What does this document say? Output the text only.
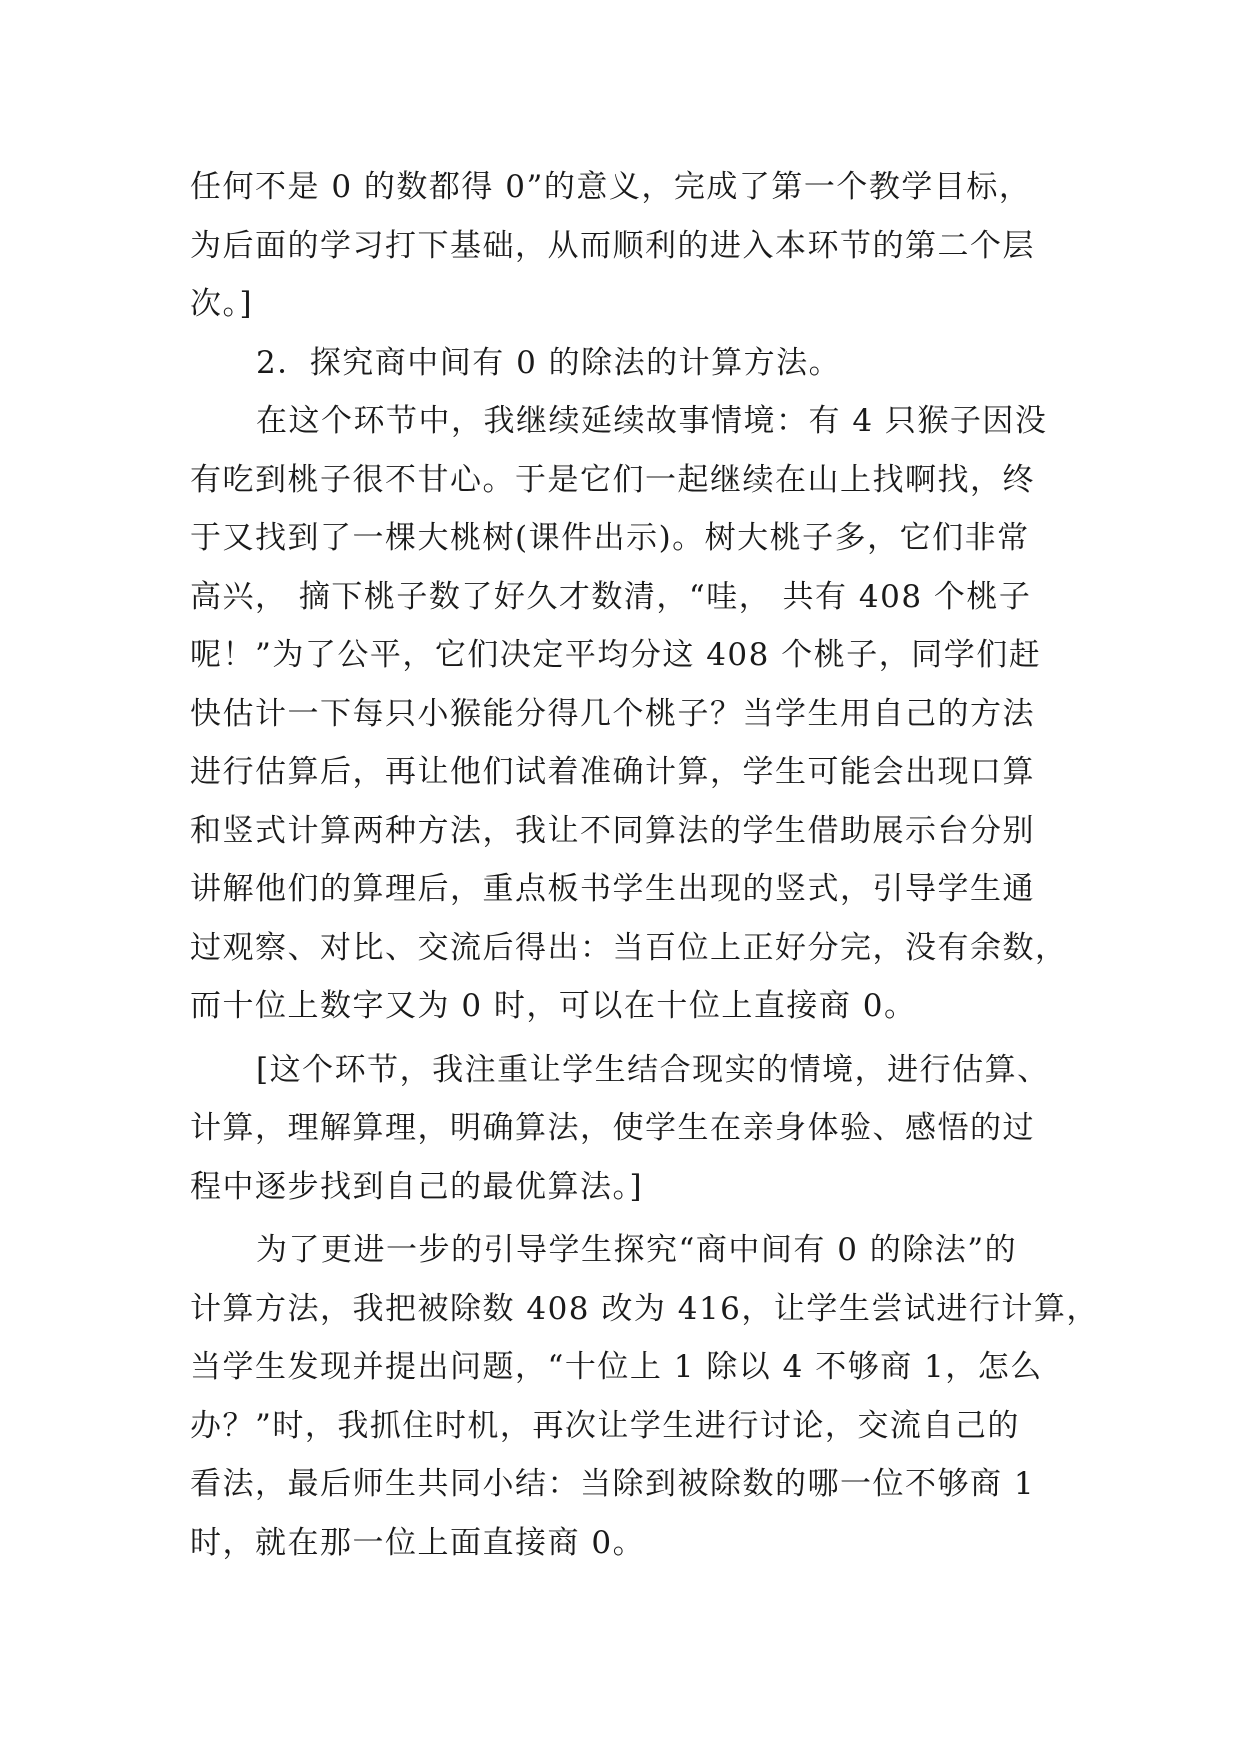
任何不是 0 的数都得 0”的意义，完成了第一个教学目标，
为后面的学习打下基础，从而顺利的进入本环节的第二个层
次。]
2．探究商中间有 0 的除法的计算方法。
在这个环节中，我继续延续故事情境：有 4 只猴子因没
有吃到桃子很不甘心。于是它们一起继续在山上找啊找，终
于又找到了一棵大桃树(课件出示)。树大桃子多，它们非常
高兴， 摘下桃子数了好久才数清，“哇， 共有 408 个桃子
呢！”为了公平，它们决定平均分这 408 个桃子，同学们赶
快估计一下每只小猴能分得几个桃子？当学生用自己的方法
进行估算后，再让他们试着准确计算，学生可能会出现口算
和竖式计算两种方法，我让不同算法的学生借助展示台分别
讲解他们的算理后，重点板书学生出现的竖式，引导学生通
过观察、对比、交流后得出：当百位上正好分完，没有余数，
而十位上数字又为 0 时，可以在十位上直接商 0。
[这个环节，我注重让学生结合现实的情境，进行估算、
计算，理解算理，明确算法，使学生在亲身体验、感悟的过
程中逐步找到自己的最优算法。]
为了更进一步的引导学生探究“商中间有 0 的除法”的
计算方法，我把被除数 408 改为 416，让学生尝试进行计算，
当学生发现并提出问题，“十位上 1 除以 4 不够商 1，怎么
办？”时，我抓住时机，再次让学生进行讨论，交流自己的
看法，最后师生共同小结：当除到被除数的哪一位不够商 1
时，就在那一位上面直接商 0。
